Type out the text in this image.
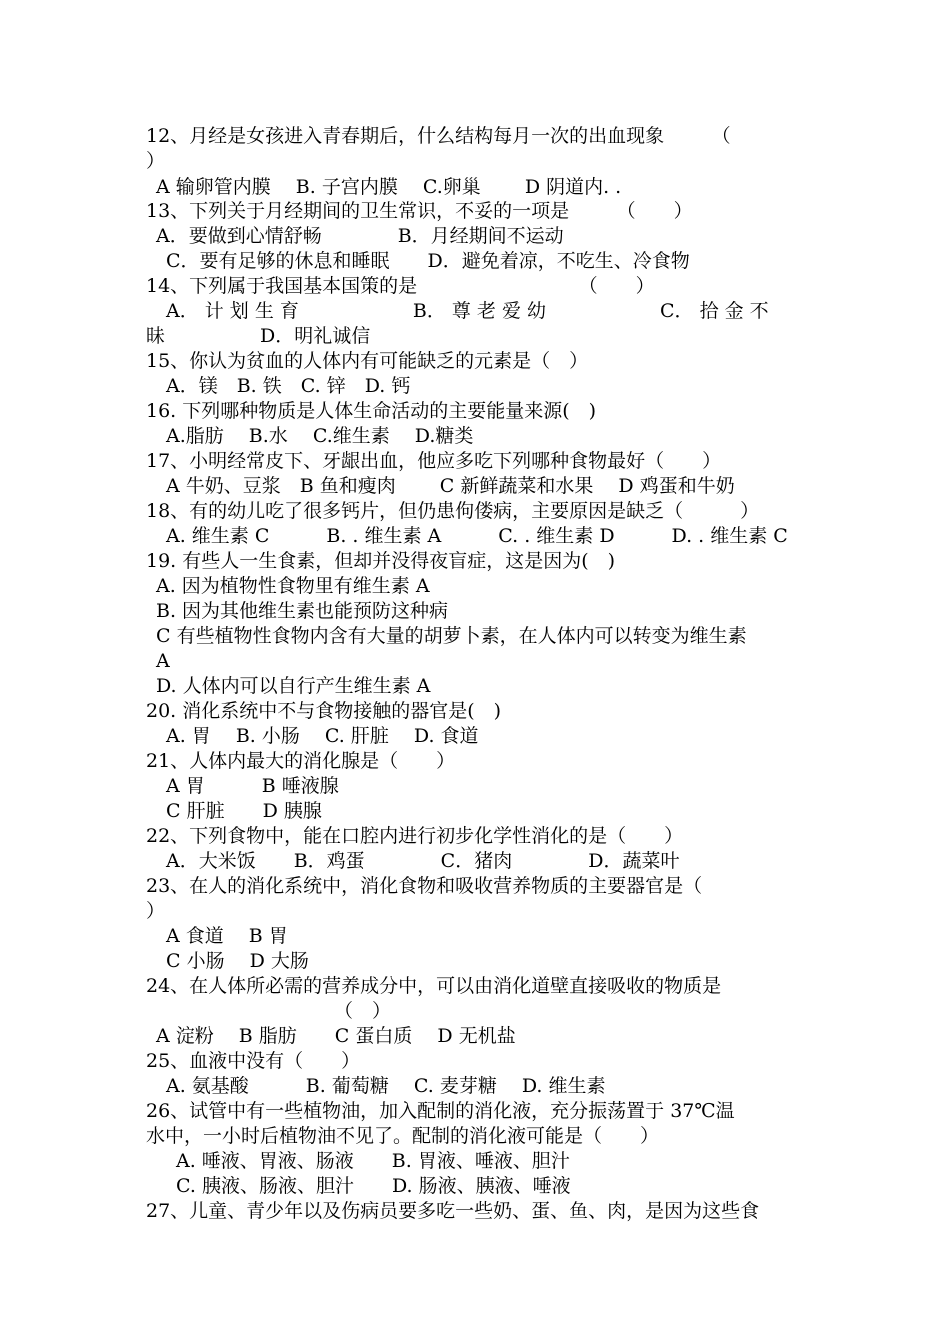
12、月经是女孩进入青春期后，什么结构每月一次的出血现象　　　（
）
A 输卵管内膜　 B. 子宫内膜　 C.卵巢　　 D 阴道内. .
13、下列关于月经期间的卫生常识，不妥的一项是　　　（　　）
A．要做到心情舒畅　　　　B．月经期间不运动
C．要有足够的休息和睡眠　　D．避免着凉，不吃生、冷食物
14、下列属于我国基本国策的是　　　　　　　　　（　　）
A． 计 划 生 育　　　　　　B． 尊 老 爱 幼　　　　　　C． 拾 金 不
昧　　　　　D．明礼诚信
15、你认为贫血的人体内有可能缺乏的元素是（　）
A．镁　B. 铁　C. 锌　D. 钙
16. 下列哪种物质是人体生命活动的主要能量来源(　)
A.脂肪　 B.水　 C.维生素　 D.糖类
17、小明经常皮下、牙龈出血，他应多吃下列哪种食物最好（　　）
A 牛奶、豆浆　B 鱼和瘦肉　　 C 新鲜蔬菜和水果　 D 鸡蛋和牛奶
18、有的幼儿吃了很多钙片，但仍患佝偻病，主要原因是缺乏（　　　）
A. 维生素 C　　　B. . 维生素 A　　　C. . 维生素 D　　　D. . 维生素 C
19. 有些人一生食素，但却并没得夜盲症，这是因为(　)
A. 因为植物性食物里有维生素 A
B. 因为其他维生素也能预防这种病
C 有些植物性食物内含有大量的胡萝卜素，在人体内可以转变为维生素
A
D. 人体内可以自行产生维生素 A
20. 消化系统中不与食物接触的器官是(　)
A. 胃　 B. 小肠　 C. 肝脏　 D. 食道
21、人体内最大的消化腺是（　　）
A 胃　　　B 唾液腺
C 肝脏　　D 胰腺
22、下列食物中，能在口腔内进行初步化学性消化的是（　　）
A．大米饭　　B．鸡蛋　　　　C．猪肉　　　　D．蔬菜叶
23、在人的消化系统中，消化食物和吸收营养物质的主要器官是（
）
A 食道　 B 胃
C 小肠　 D 大肠
24、在人体所必需的营养成分中，可以由消化道壁直接吸收的物质是
（　）
A 淀粉　 B 脂肪　　C 蛋白质　 D 无机盐
25、血液中没有（　　）
A. 氨基酸　　　B. 葡萄糖　 C. 麦芽糖　 D. 维生素
26、试管中有一些植物油，加入配制的消化液，充分振荡置于 37℃温
水中，一小时后植物油不见了。配制的消化液可能是（　　）
A. 唾液、胃液、肠液　　B. 胃液、唾液、胆汁
C. 胰液、肠液、胆汁　　D. 肠液、胰液、唾液
27、儿童、青少年以及伤病员要多吃一些奶、蛋、鱼、肉，是因为这些食
